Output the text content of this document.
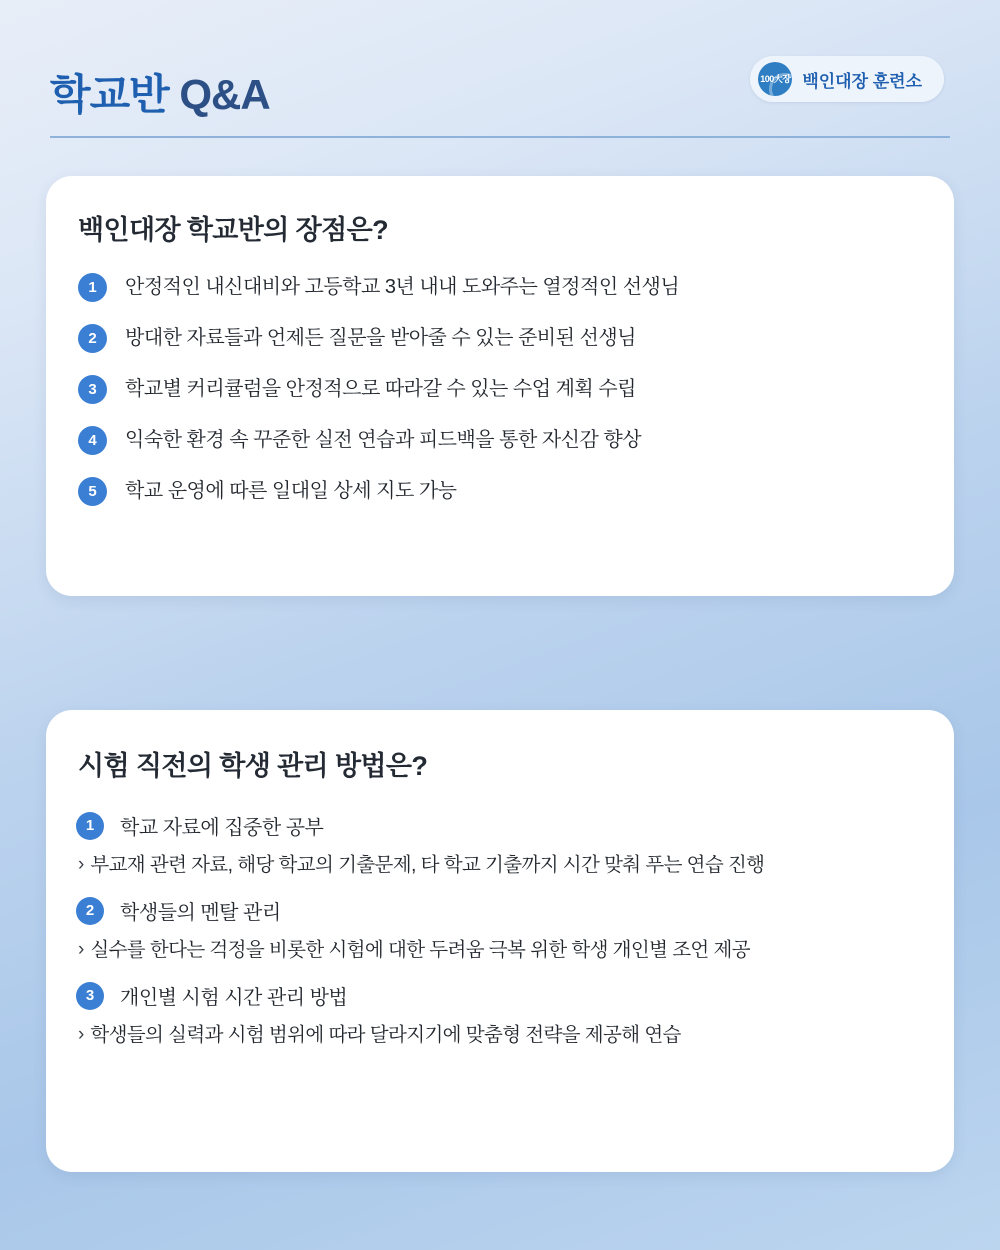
학교반 Q&A	100大장 백인대장 훈련소
백인대장 학교반의 장점은?
1	안정적인 내신대비와 고등학교 3년 내내 도와주는 열정적인 선생님
2	방대한 자료들과 언제든 질문을 받아줄 수 있는 준비된 선생님
3	학교별 커리큘럼을 안정적으로 따라갈 수 있는 수업 계획 수립
4	익숙한 환경 속 꾸준한 실전 연습과 피드백을 통한 자신감 향상
5	학교 운영에 따른 일대일 상세 지도 가능
시험 직전의 학생 관리 방법은?
1	학교 자료에 집중한 공부
› 부교재 관련 자료, 해당 학교의 기출문제, 타 학교 기출까지 시간 맞춰 푸는 연습 진행
2	학생들의 멘탈 관리
› 실수를 한다는 걱정을 비롯한 시험에 대한 두려움 극복 위한 학생 개인별 조언 제공
3	개인별 시험 시간 관리 방법
› 학생들의 실력과 시험 범위에 따라 달라지기에 맞춤형 전략을 제공해 연습
